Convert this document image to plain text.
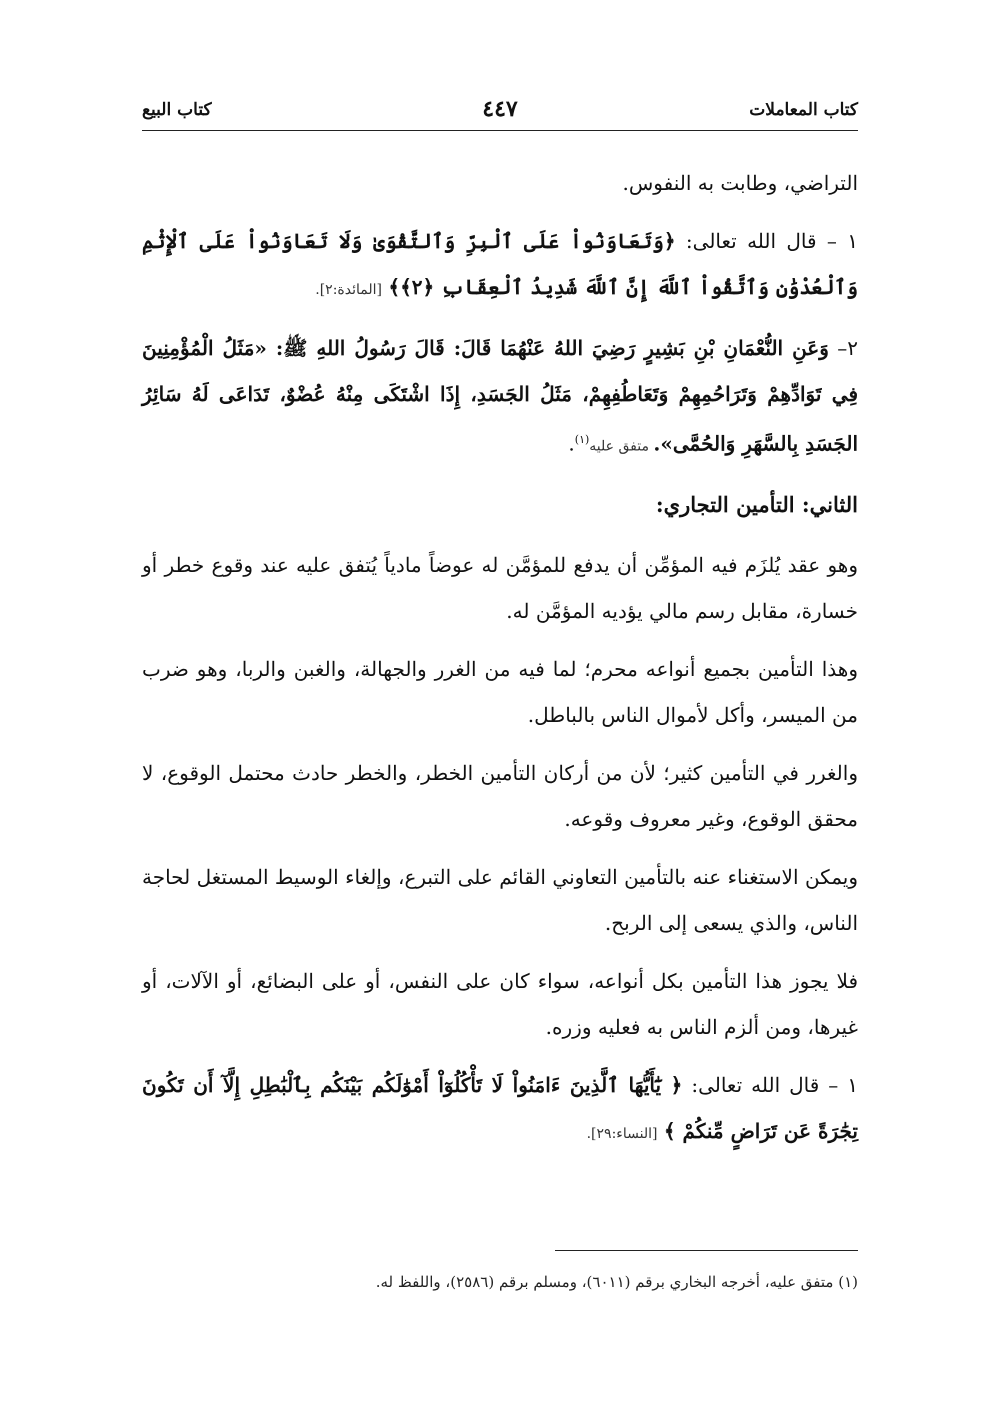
كتاب المعاملات
٤٤٧
كتاب البيع

التراضي، وطابت به النفوس.

١ – قال الله تعالى: ﴿وَتَعَاوَنُواْ عَلَى ٱلْبِرِّ وَٱلتَّقْوَىٰ وَلَا تَعَاوَنُواْ عَلَى ٱلْإِثْمِ وَٱلْعُدْوَٰنِ وَٱتَّقُواْ ٱللَّهَ إِنَّ ٱللَّهَ شَدِيدُ ٱلْعِقَابِ ﴿٢﴾﴾ [المائدة:٢].

٢– وَعَنِ النُّعْمَانِ بْنِ بَشِيرٍ رَضِيَ اللهُ عَنْهُمَا قَالَ: قَالَ رَسُولُ اللهِ ﷺ: «مَثَلُ الْمُؤْمِنِينَ فِي تَوَادِّهِمْ وَتَرَاحُمِهِمْ وَتَعَاطُفِهِمْ، مَثَلُ الجَسَدِ، إِذَا اشْتَكَى مِنْهُ عُضْوٌ، تَدَاعَى لَهُ سَائِرُ الجَسَدِ بِالسَّهَرِ وَالحُمَّى». متفق عليه$^{(١)}$.

الثاني: التأمين التجاري:

وهو عقد يُلزَم فيه المؤمِّن أن يدفع للمؤمَّن له عوضاً مادياً يُتفق عليه عند وقوع خطر أو خسارة، مقابل رسم مالي يؤديه المؤمَّن له.

وهذا التأمين بجميع أنواعه محرم؛ لما فيه من الغرر والجهالة، والغبن والربا، وهو ضرب من الميسر، وأكل لأموال الناس بالباطل.

والغرر في التأمين كثير؛ لأن من أركان التأمين الخطر، والخطر حادث محتمل الوقوع، لا محقق الوقوع، وغير معروف وقوعه.

ويمكن الاستغناء عنه بالتأمين التعاوني القائم على التبرع، وإلغاء الوسيط المستغل لحاجة الناس، والذي يسعى إلى الربح.

فلا يجوز هذا التأمين بكل أنواعه، سواء كان على النفس، أو على البضائع، أو الآلات، أو غيرها، ومن ألزم الناس به فعليه وزره.

١ – قال الله تعالى: ﴿ يَٰٓأَيُّهَا ٱلَّذِينَ ءَامَنُواْ لَا تَأْكُلُوٓاْ أَمْوَٰلَكُم بَيْنَكُم بِٱلْبَٰطِلِ إِلَّآ أَن تَكُونَ تِجَٰرَةً عَن تَرَاضٍ مِّنكُمْ ﴾ [النساء:٢٩].

(١) متفق عليه، أخرجه البخاري برقم (٦٠١١)، ومسلم برقم (٢٥٨٦)، واللفظ له.
